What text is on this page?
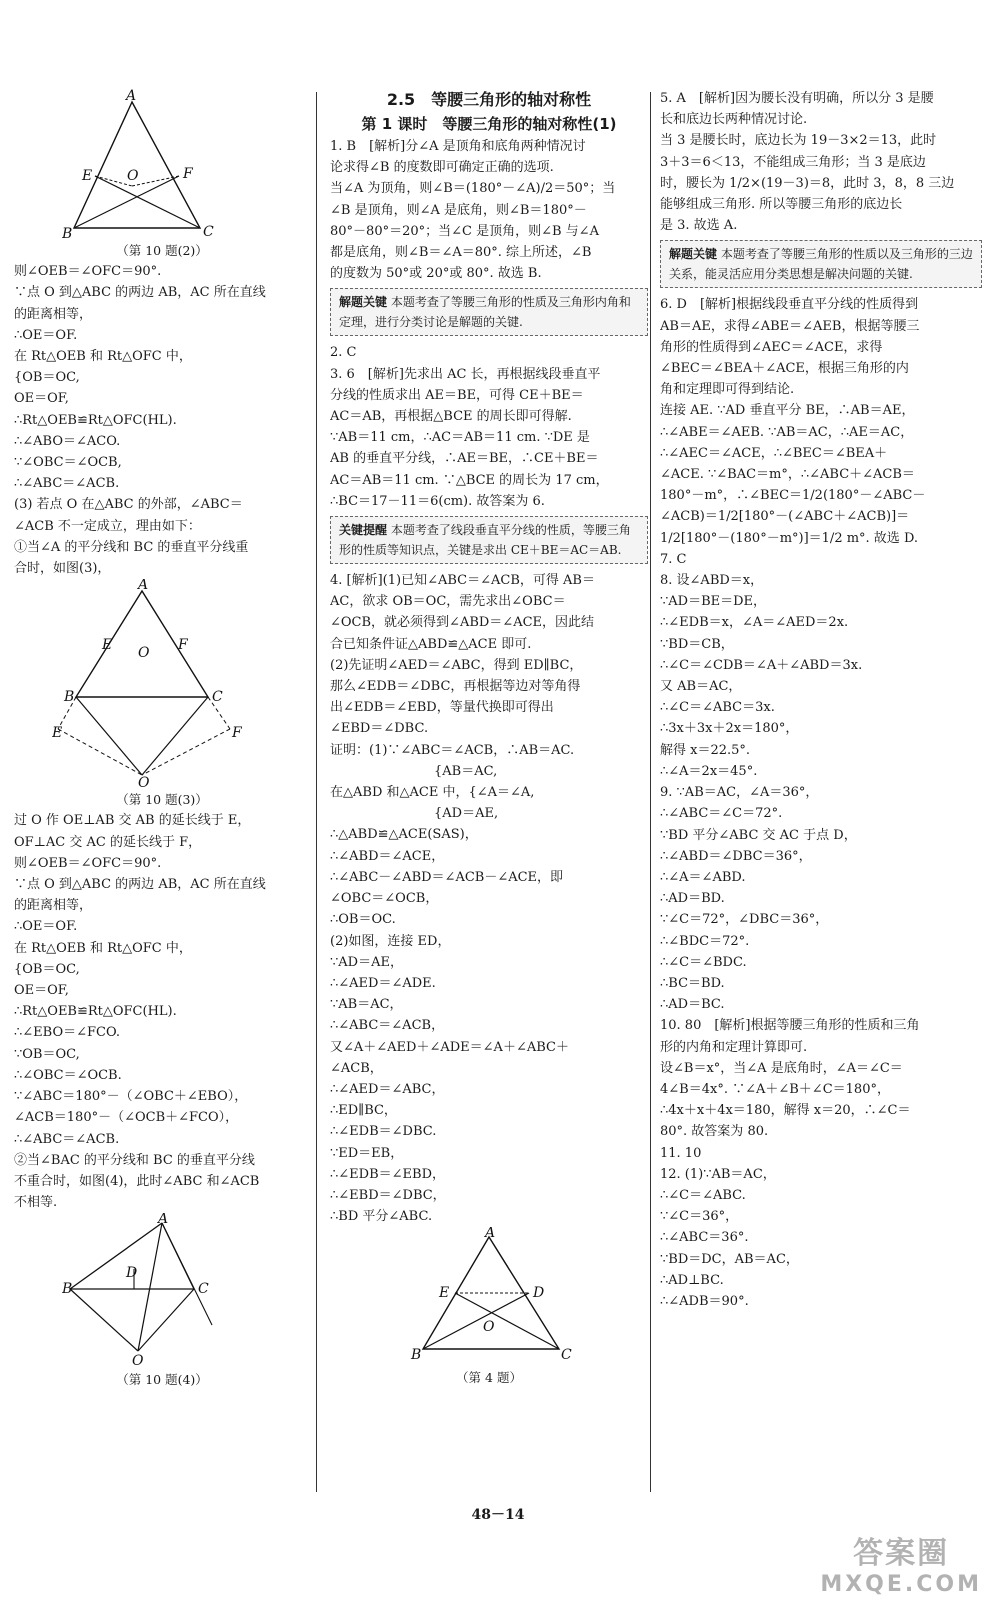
A
E	F
O
B	C
（第 10 题(2)）
则∠OEB＝∠OFC＝90°.
∵点 O 到△ABC 的两边 AB，AC 所在直线
的距离相等，
∴OE＝OF.
在 Rt△OEB 和 Rt△OFC 中，
{OB＝OC,
OE＝OF,
∴Rt△OEB≌Rt△OFC(HL).
∴∠ABO＝∠ACO.
∵∠OBC＝∠OCB,
∴∠ABC＝∠ACB.
(3) 若点 O 在△ABC 的外部，∠ABC＝
∠ACB 不一定成立，理由如下：
①当∠A 的平分线和 BC 的垂直平分线重
合时，如图(3)，
A
E	F
O
B	C
E	F
O
（第 10 题(3)）
过 O 作 OE⊥AB 交 AB 的延长线于 E，
OF⊥AC 交 AC 的延长线于 F，
则∠OEB＝∠OFC＝90°.
∵点 O 到△ABC 的两边 AB，AC 所在直线
的距离相等，
∴OE＝OF.
在 Rt△OEB 和 Rt△OFC 中，
{OB＝OC,
OE＝OF,
∴Rt△OEB≌Rt△OFC(HL).
∴∠EBO＝∠FCO.
∵OB＝OC,
∴∠OBC＝∠OCB.
∵∠ABC＝180°－（∠OBC＋∠EBO），
∠ACB＝180°－（∠OCB＋∠FCO），
∴∠ABC＝∠ACB.
②当∠BAC 的平分线和 BC 的垂直平分线
不重合时，如图(4)，此时∠ABC 和∠ACB
不相等.
A
B	C
D
O
（第 10 题(4)）
2.5　等腰三角形的轴对称性
第 1 课时　等腰三角形的轴对称性(1)
1. B　[解析]分∠A 是顶角和底角两种情况讨
论求得∠B 的度数即可确定正确的选项.
当∠A 为顶角，则∠B＝(180°－∠A)/2＝50°；当
∠B 是顶角，则∠A 是底角，则∠B＝180°－
80°－80°＝20°；当∠C 是顶角，则∠B 与∠A
都是底角，则∠B＝∠A＝80°. 综上所述，∠B
的度数为 50°或 20°或 80°. 故选 B.
解题关键 本题考查了等腰三角形的性质及三角形内角和定理，进行分类讨论是解题的关键.
2. C
3. 6　[解析]先求出 AC 长，再根据线段垂直平
分线的性质求出 AE＝BE，可得 CE＋BE＝
AC＝AB，再根据△BCE 的周长即可得解.
∵AB＝11 cm，∴AC＝AB＝11 cm. ∵DE 是
AB 的垂直平分线，∴AE＝BE，∴CE＋BE＝
AC＝AB＝11 cm. ∵△BCE 的周长为 17 cm，
∴BC＝17－11＝6(cm). 故答案为 6.
关键提醒 本题考查了线段垂直平分线的性质，等腰三角形的性质等知识点，关键是求出 CE＋BE＝AC＝AB.
4. [解析](1)已知∠ABC＝∠ACB，可得 AB＝
AC，欲求 OB＝OC，需先求出∠OBC＝
∠OCB，就必须得到∠ABD＝∠ACE，因此结
合已知条件证△ABD≌△ACE 即可.
(2)先证明∠AED＝∠ABC，得到 ED∥BC，
那么∠EDB＝∠DBC，再根据等边对等角得
出∠EDB＝∠EBD，等量代换即可得出
∠EBD＝∠DBC.
证明：(1)∵∠ABC＝∠ACB，∴AB＝AC.
　　　　　　　　{AB＝AC,
在△ABD 和△ACE 中，{∠A＝∠A,
　　　　　　　　{AD＝AE,
∴△ABD≌△ACE(SAS)，
∴∠ABD＝∠ACE，
∴∠ABC－∠ABD＝∠ACB－∠ACE，即
∠OBC＝∠OCB，
∴OB＝OC.
(2)如图，连接 ED，
∵AD＝AE，
∴∠AED＝∠ADE.
∵AB＝AC，
∴∠ABC＝∠ACB，
又∠A＋∠AED＋∠ADE＝∠A＋∠ABC＋
∠ACB，
∴∠AED＝∠ABC，
∴ED∥BC，
∴∠EDB＝∠DBC.
∵ED＝EB，
∴∠EDB＝∠EBD，
∴∠EBD＝∠DBC，
∴BD 平分∠ABC.
A
E	D
O
B	C
（第 4 题）
5. A　[解析]因为腰长没有明确，所以分 3 是腰
长和底边长两种情况讨论.
当 3 是腰长时，底边长为 19－3×2＝13，此时
3＋3＝6＜13，不能组成三角形；当 3 是底边
时，腰长为 1/2×(19－3)＝8，此时 3，8，8 三边
能够组成三角形. 所以等腰三角形的底边长
是 3. 故选 A.
解题关键 本题考查了等腰三角形的性质以及三角形的三边关系，能灵活应用分类思想是解决问题的关键.
6. D　[解析]根据线段垂直平分线的性质得到
AB＝AE，求得∠ABE＝∠AEB，根据等腰三
角形的性质得到∠AEC＝∠ACE，求得
∠BEC＝∠BEA＋∠ACE，根据三角形的内
角和定理即可得到结论.
连接 AE. ∵AD 垂直平分 BE，∴AB＝AE，
∴∠ABE＝∠AEB. ∵AB＝AC，∴AE＝AC，
∴∠AEC＝∠ACE，∴∠BEC＝∠BEA＋
∠ACE. ∵∠BAC＝m°，∴∠ABC＋∠ACB＝
180°－m°，∴∠BEC＝1/2(180°－∠ABC－
∠ACB)＝1/2[180°－(∠ABC＋∠ACB)]＝
1/2[180°－(180°－m°)]＝1/2 m°. 故选 D.
7. C
8. 设∠ABD＝x，
∵AD＝BE＝DE，
∴∠EDB＝x，∠A＝∠AED＝2x.
∵BD＝CB，
∴∠C＝∠CDB＝∠A＋∠ABD＝3x.
又 AB＝AC，
∴∠C＝∠ABC＝3x.
∴3x＋3x＋2x＝180°，
解得 x＝22.5°.
∴∠A＝2x＝45°.
9. ∵AB＝AC，∠A＝36°，
∴∠ABC＝∠C＝72°.
∵BD 平分∠ABC 交 AC 于点 D，
∴∠ABD＝∠DBC＝36°，
∴∠A＝∠ABD.
∴AD＝BD.
∵∠C＝72°，∠DBC＝36°，
∴∠BDC＝72°.
∴∠C＝∠BDC.
∴BC＝BD.
∴AD＝BC.
10. 80　[解析]根据等腰三角形的性质和三角
形的内角和定理计算即可.
设∠B＝x°，当∠A 是底角时，∠A＝∠C＝
4∠B＝4x°. ∵∠A＋∠B＋∠C＝180°，
∴4x＋x＋4x＝180，解得 x＝20，∴∠C＝
80°. 故答案为 80.
11. 10
12. (1)∵AB＝AC，
∴∠C＝∠ABC.
∵∠C＝36°，
∴∠ABC＝36°.
∵BD＝DC，AB＝AC，
∴AD⊥BC.
∴∠ADB＝90°.
48－14
答案圈
MXQE.COM
